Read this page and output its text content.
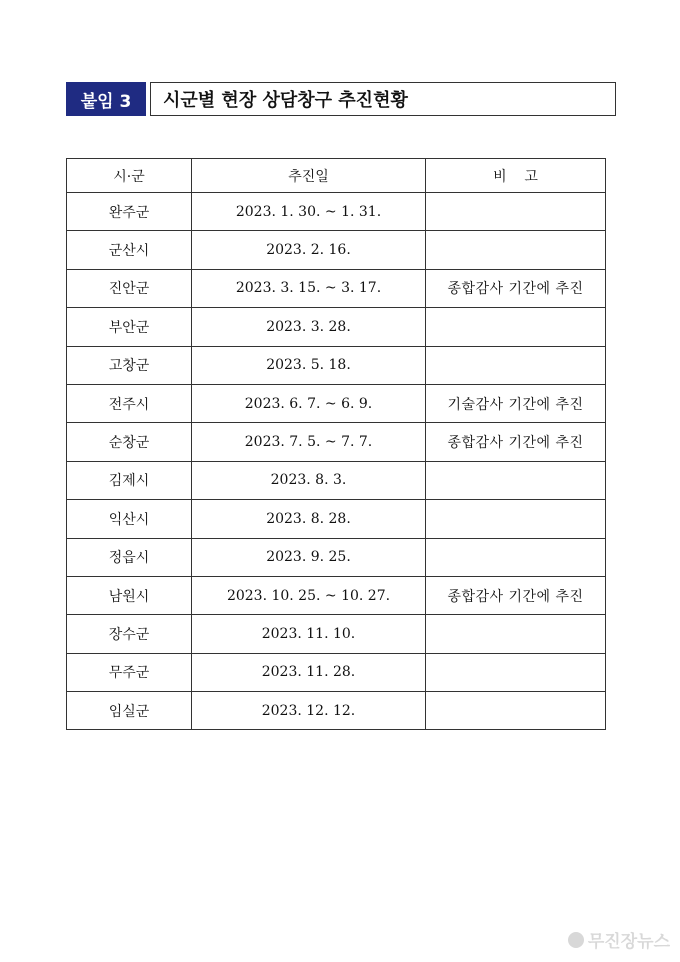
붙임 3	시군별 현장 상담창구 추진현황
시·군	추진일	비    고
완주군	2023. 1. 30. ~ 1. 31.	
군산시	2023. 2. 16.	
진안군	2023. 3. 15. ~ 3. 17.	종합감사 기간에 추진
부안군	2023. 3. 28.	
고창군	2023. 5. 18.	
전주시	2023. 6. 7. ~ 6. 9.	기술감사 기간에 추진
순창군	2023. 7. 5. ~ 7. 7.	종합감사 기간에 추진
김제시	2023. 8. 3.	
익산시	2023. 8. 28.	
정읍시	2023. 9. 25.	
남원시	2023. 10. 25. ~ 10. 27.	종합감사 기간에 추진
장수군	2023. 11. 10.	
무주군	2023. 11. 28.	
임실군	2023. 12. 12.	
무진장뉴스
